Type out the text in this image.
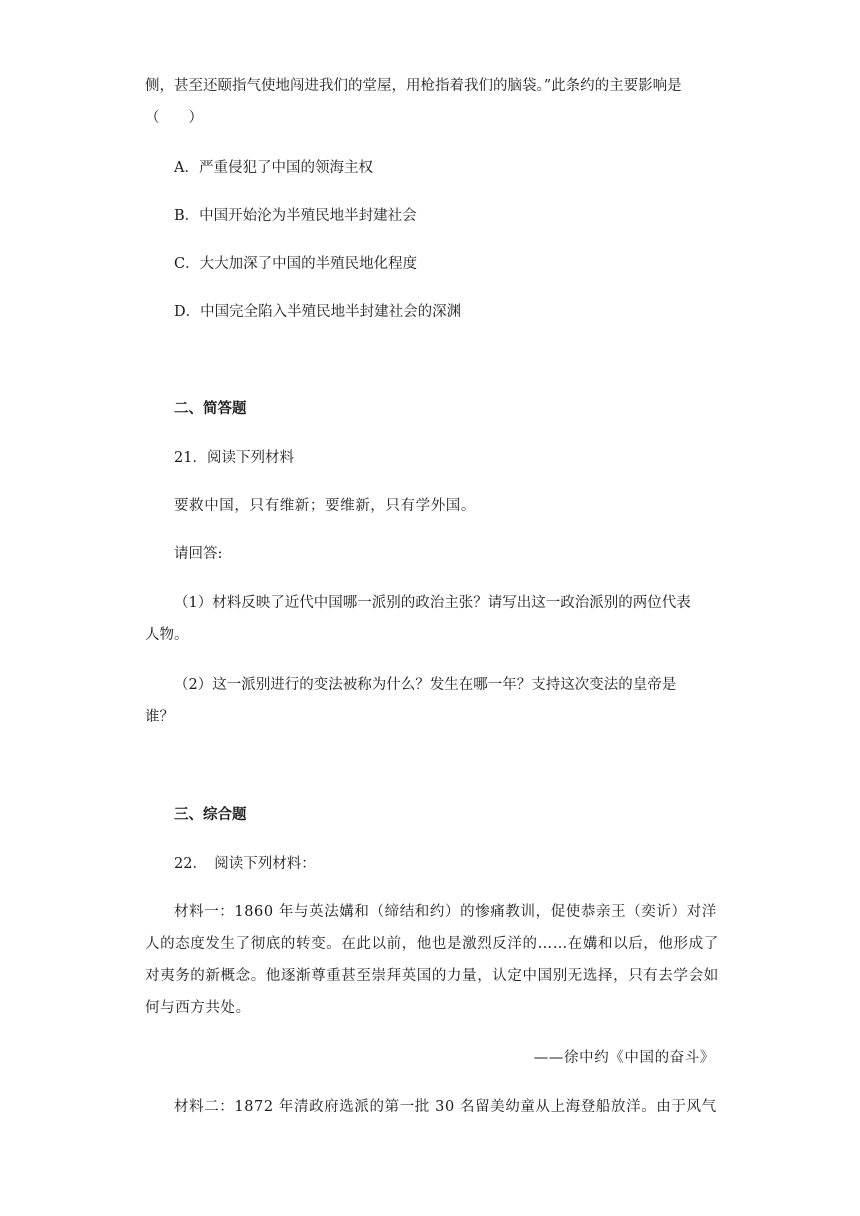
侧，甚至还颐指气使地闯进我们的堂屋，用枪指着我们的脑袋。”此条约的主要影响是

（　　）

A．严重侵犯了中国的领海主权

B．中国开始沦为半殖民地半封建社会

C．大大加深了中国的半殖民地化程度

D．中国完全陷入半殖民地半封建社会的深渊

二、简答题

21．阅读下列材料

要救中国，只有维新；要维新，只有学外国。

请回答:

（1）材料反映了近代中国哪一派别的政治主张？请写出这一政治派别的两位代表

人物。

（2）这一派别进行的变法被称为什么？发生在哪一年？支持这次变法的皇帝是

谁？

三、综合题

22．　阅读下列材料：

材料一：1860 年与英法媾和（缔结和约）的惨痛教训，促使恭亲王（奕䜣）对洋

人的态度发生了彻底的转变。在此以前，他也是激烈反洋的……在媾和以后，他形成了

对夷务的新概念。他逐渐尊重甚至崇拜英国的力量，认定中国别无选择，只有去学会如

何与西方共处。

——徐中约《中国的奋斗》

材料二：1872 年清政府选派的第一批 30 名留美幼童从上海登船放洋。由于风气
